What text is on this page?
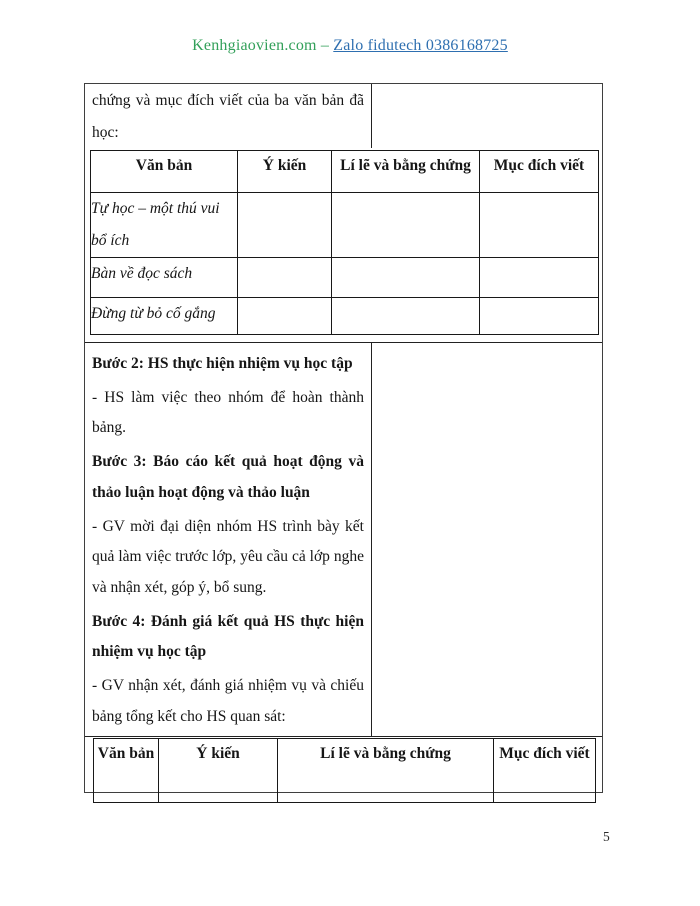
Kenhgiaovien.com – Zalo fidutech 0386168725
chứng và mục đích viết của ba văn bản đã học:
Văn bản	Ý kiến	Lí lẽ và bằng chứng	Mục đích viết
Tự học – một thú vui bổ ích			
Bàn về đọc sách			
Đừng từ bỏ cố gắng			

Bước 2: HS thực hiện nhiệm vụ học tập

- HS làm việc theo nhóm để hoàn thành bảng.

Bước 3: Báo cáo kết quả hoạt động và thảo luận hoạt động và thảo luận

- GV mời đại diện nhóm HS trình bày kết quả làm việc trước lớp, yêu cầu cả lớp nghe và nhận xét, góp ý, bổ sung.

Bước 4: Đánh giá kết quả HS thực hiện nhiệm vụ học tập

- GV nhận xét, đánh giá nhiệm vụ và chiếu bảng tổng kết cho HS quan sát:

Văn bản	Ý kiến	Lí lẽ và bằng chứng	Mục đích viết
5
